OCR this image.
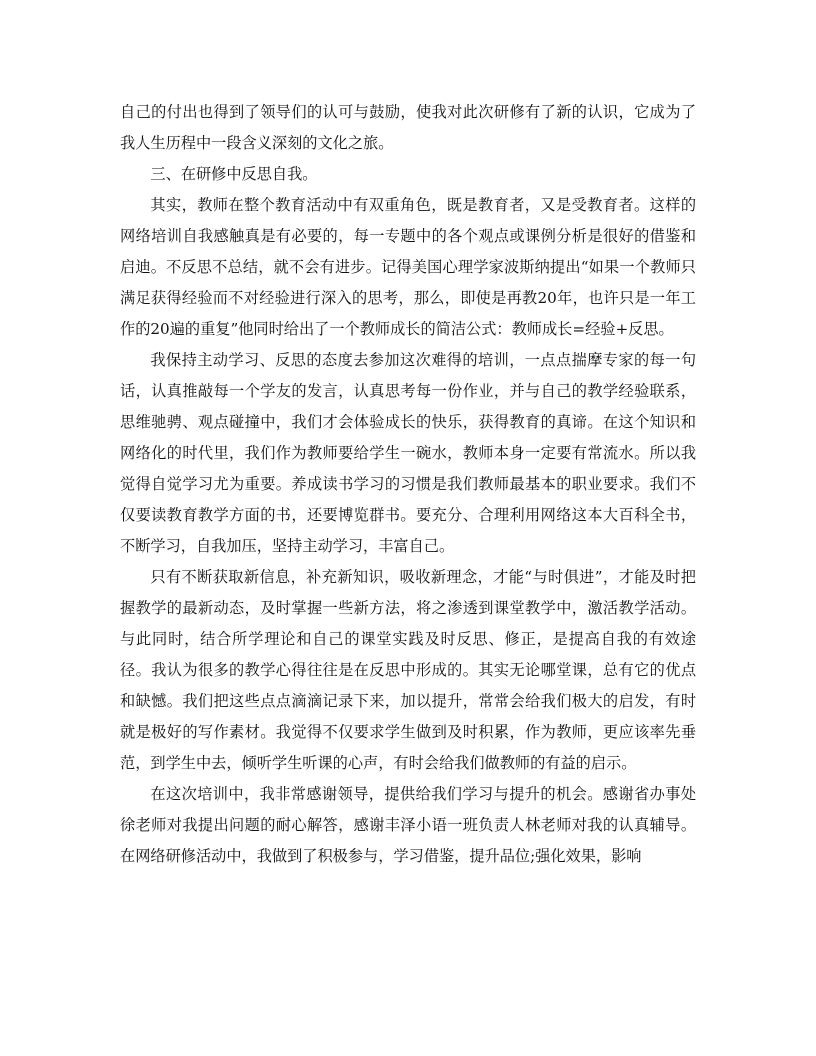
自己的付出也得到了领导们的认可与鼓励，使我对此次研修有了新的认识，它成为了我人生历程中一段含义深刻的文化之旅。

三、在研修中反思自我。

其实，教师在整个教育活动中有双重角色，既是教育者，又是受教育者。这样的网络培训自我感触真是有必要的，每一专题中的各个观点或课例分析是很好的借鉴和启迪。不反思不总结，就不会有进步。记得美国心理学家波斯纳提出“如果一个教师只满足获得经验而不对经验进行深入的思考，那么，即使是再教20年，也许只是一年工作的20遍的重复”他同时给出了一个教师成长的简洁公式：教师成长=经验+反思。

我保持主动学习、反思的态度去参加这次难得的培训，一点点揣摩专家的每一句话，认真推敲每一个学友的发言，认真思考每一份作业，并与自己的教学经验联系，思维驰骋、观点碰撞中，我们才会体验成长的快乐，获得教育的真谛。在这个知识和网络化的时代里，我们作为教师要给学生一碗水，教师本身一定要有常流水。所以我觉得自觉学习尤为重要。养成读书学习的习惯是我们教师最基本的职业要求。我们不仅要读教育教学方面的书，还要博览群书。要充分、合理利用网络这本大百科全书，不断学习，自我加压，坚持主动学习，丰富自己。

只有不断获取新信息，补充新知识，吸收新理念，才能“与时俱进”，才能及时把握教学的最新动态，及时掌握一些新方法，将之渗透到课堂教学中，激活教学活动。与此同时，结合所学理论和自己的课堂实践及时反思、修正，是提高自我的有效途径。我认为很多的教学心得往往是在反思中形成的。其实无论哪堂课，总有它的优点和缺憾。我们把这些点点滴滴记录下来，加以提升，常常会给我们极大的启发，有时就是极好的写作素材。我觉得不仅要求学生做到及时积累，作为教师，更应该率先垂范，到学生中去，倾听学生听课的心声，有时会给我们做教师的有益的启示。

在这次培训中，我非常感谢领导，提供给我们学习与提升的机会。感谢省办事处徐老师对我提出问题的耐心解答，感谢丰泽小语一班负责人林老师对我的认真辅导。在网络研修活动中，我做到了积极参与，学习借鉴，提升品位;强化效果，影响
